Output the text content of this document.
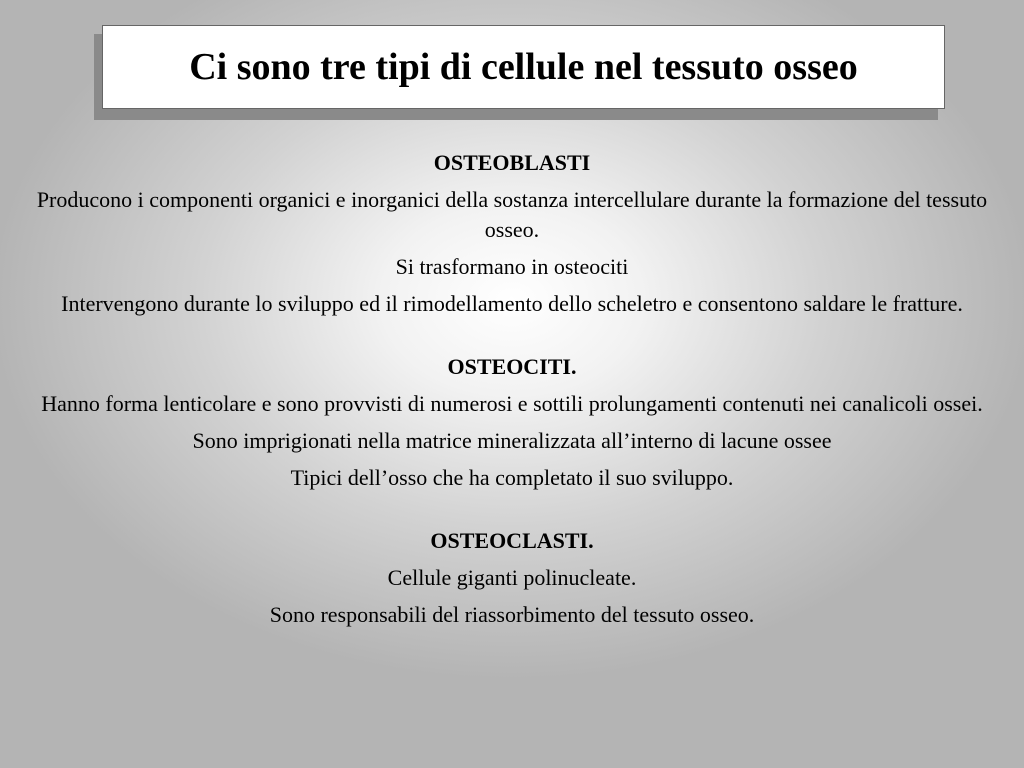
Ci sono tre tipi di cellule nel tessuto osseo

OSTEOBLASTI

Producono i componenti organici e inorganici della sostanza intercellulare durante la formazione del tessuto osseo.

Si trasformano in osteociti

Intervengono durante lo sviluppo ed il rimodellamento dello scheletro e consentono saldare le fratture.

OSTEOCITI.

Hanno forma lenticolare e sono provvisti di numerosi e sottili prolungamenti contenuti nei canalicoli ossei.

Sono imprigionati nella matrice mineralizzata all’interno di lacune ossee

Tipici dell’osso che ha completato il suo sviluppo.

OSTEOCLASTI.

Cellule giganti polinucleate.

Sono responsabili del riassorbimento del tessuto osseo.
